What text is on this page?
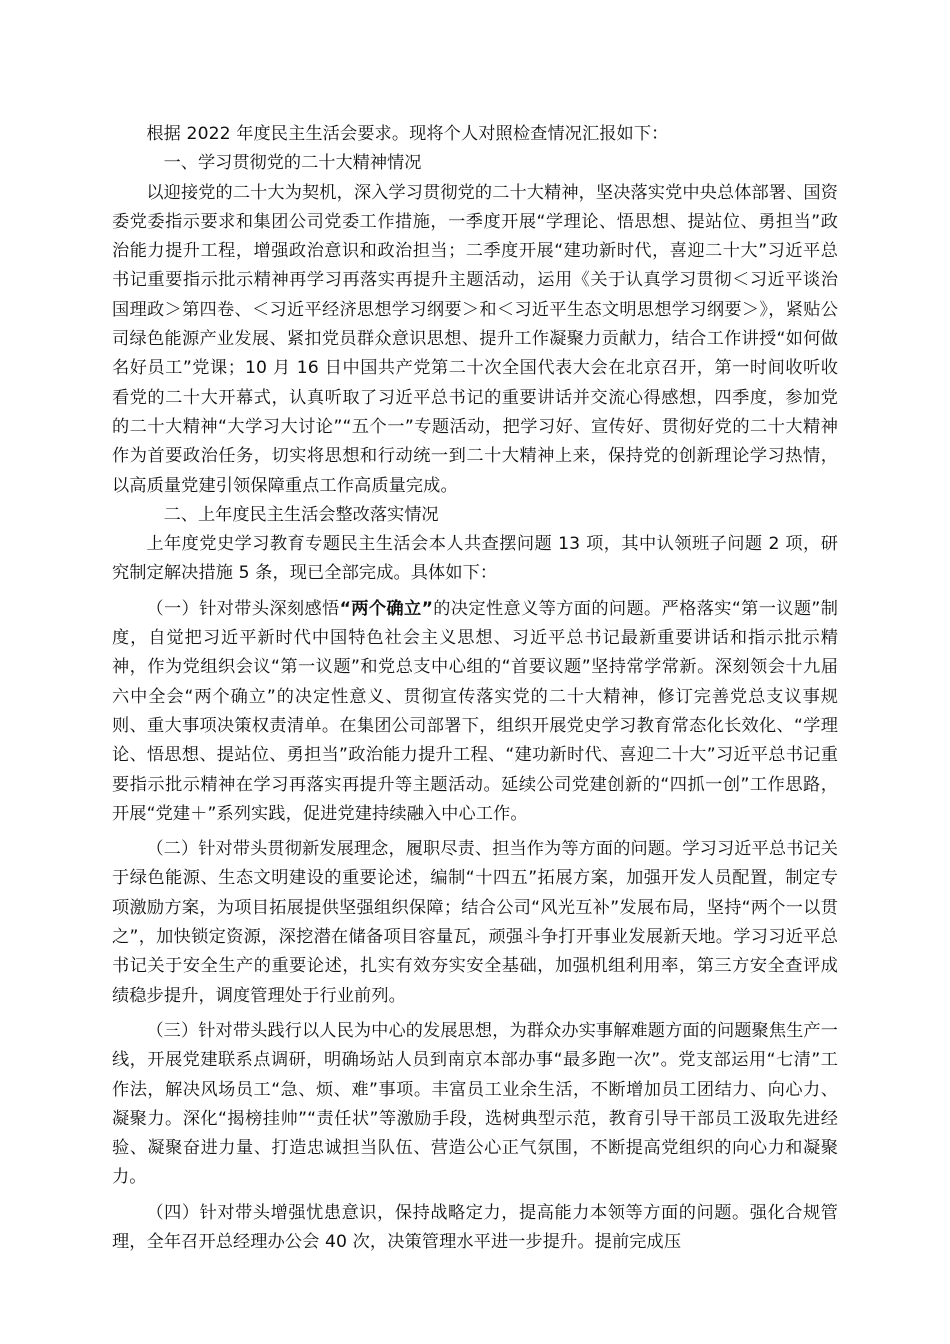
根据 2022 年度民主生活会要求。现将个人对照检查情况汇报如下：

一、学习贯彻党的二十大精神情况

以迎接党的二十大为契机，深入学习贯彻党的二十大精神，坚决落实党中央总体部署、国资委党委指示要求和集团公司党委工作措施，一季度开展“学理论、悟思想、提站位、勇担当”政治能力提升工程，增强政治意识和政治担当；二季度开展“建功新时代，喜迎二十大”习近平总书记重要指示批示精神再学习再落实再提升主题活动，运用《关于认真学习贯彻＜习近平谈治国理政＞第四卷、＜习近平经济思想学习纲要＞和＜习近平生态文明思想学习纲要＞》，紧贴公司绿色能源产业发展、紧扣党员群众意识思想、提升工作凝聚力贡献力，结合工作讲授“如何做名好员工”党课；10 月 16 日中国共产党第二十次全国代表大会在北京召开，第一时间收听收看党的二十大开幕式，认真听取了习近平总书记的重要讲话并交流心得感想，四季度，参加党的二十大精神“大学习大讨论”“五个一”专题活动，把学习好、宣传好、贯彻好党的二十大精神作为首要政治任务，切实将思想和行动统一到二十大精神上来，保持党的创新理论学习热情，以高质量党建引领保障重点工作高质量完成。

二、上年度民主生活会整改落实情况

上年度党史学习教育专题民主生活会本人共查摆问题 13 项，其中认领班子问题 2 项，研究制定解决措施 5 条，现已全部完成。具体如下：

（一）针对带头深刻感悟“两个确立”的决定性意义等方面的问题。严格落实“第一议题”制度，自觉把习近平新时代中国特色社会主义思想、习近平总书记最新重要讲话和指示批示精神，作为党组织会议“第一议题”和党总支中心组的“首要议题”坚持常学常新。深刻领会十九届六中全会“两个确立”的决定性意义、贯彻宣传落实党的二十大精神，修订完善党总支议事规则、重大事项决策权责清单。在集团公司部署下，组织开展党史学习教育常态化长效化、“学理论、悟思想、提站位、勇担当”政治能力提升工程、“建功新时代、喜迎二十大”习近平总书记重要指示批示精神在学习再落实再提升等主题活动。延续公司党建创新的“四抓一创”工作思路，开展“党建＋”系列实践，促进党建持续融入中心工作。

（二）针对带头贯彻新发展理念，履职尽责、担当作为等方面的问题。学习习近平总书记关于绿色能源、生态文明建设的重要论述，编制“十四五”拓展方案，加强开发人员配置，制定专项激励方案，为项目拓展提供坚强组织保障；结合公司“风光互补”发展布局，坚持“两个一以贯之”，加快锁定资源，深挖潜在储备项目容量瓦，顽强斗争打开事业发展新天地。学习习近平总书记关于安全生产的重要论述，扎实有效夯实安全基础，加强机组利用率，第三方安全查评成绩稳步提升，调度管理处于行业前列。

（三）针对带头践行以人民为中心的发展思想，为群众办实事解难题方面的问题聚焦生产一线，开展党建联系点调研，明确场站人员到南京本部办事“最多跑一次”。党支部运用“七清”工作法，解决风场员工“急、烦、难”事项。丰富员工业余生活，不断增加员工团结力、向心力、凝聚力。深化“揭榜挂帅”“责任状”等激励手段，选树典型示范，教育引导干部员工汲取先进经验、凝聚奋进力量、打造忠诚担当队伍、营造公心正气氛围，不断提高党组织的向心力和凝聚力。

（四）针对带头增强忧患意识，保持战略定力，提高能力本领等方面的问题。强化合规管理，全年召开总经理办公会 40 次，决策管理水平进一步提升。提前完成压
